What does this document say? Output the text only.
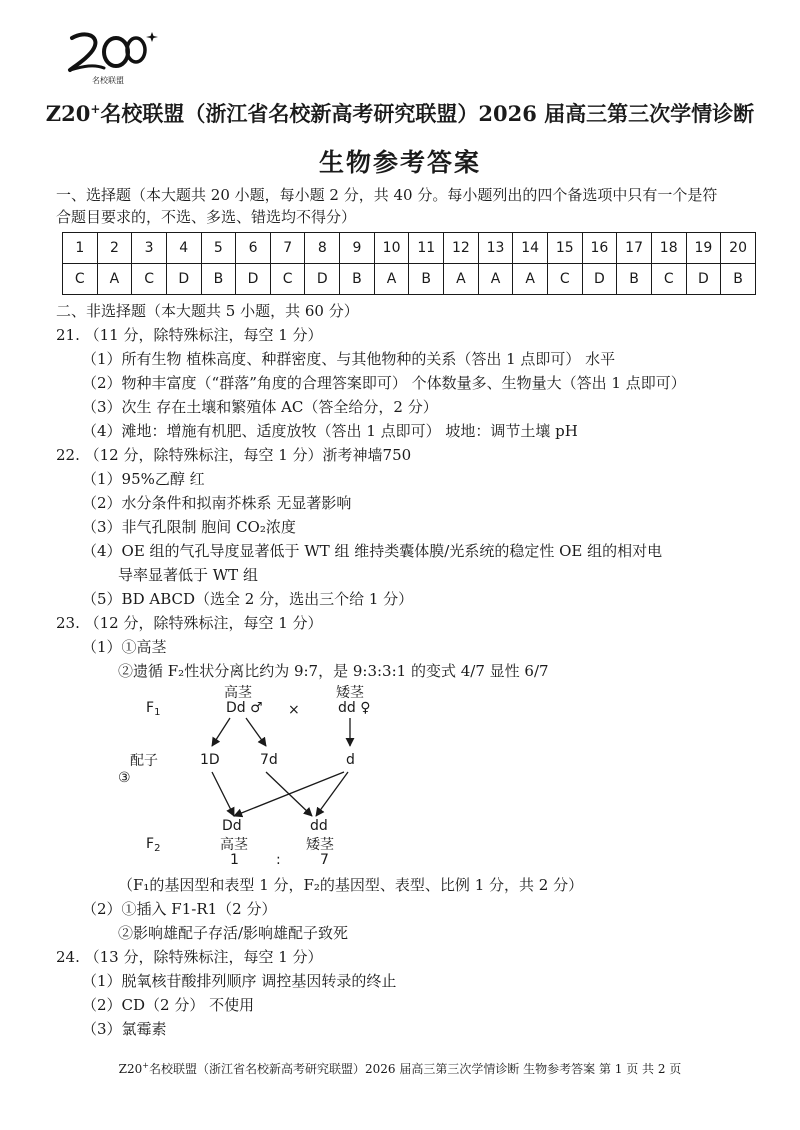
名校联盟
Z20+名校联盟（浙江省名校新高考研究联盟）2026 届高三第三次学情诊断
生物参考答案
一、选择题（本大题共 20 小题，每小题 2 分，共 40 分。每小题列出的四个备选项中只有一个是符
合题目要求的，不选、多选、错选均不得分）
1	2	3	4	5	6	7	8	9	10	11	12	13	14	15	16	17	18	19	20
C	A	C	D	B	D	C	D	B	A	B	A	A	A	C	D	B	C	D	B
二、非选择题（本大题共 5 小题，共 60 分）
21. （11 分，除特殊标注，每空 1 分）
（1）所有生物 植株高度、种群密度、与其他物种的关系（答出 1 点即可） 水平
（2）物种丰富度（“群落”角度的合理答案即可） 个体数量多、生物量大（答出 1 点即可）
（3）次生 存在土壤和繁殖体 AC（答全给分，2 分）
（4）滩地：增施有机肥、适度放牧（答出 1 点即可） 坡地：调节土壤 pH
22. （12 分，除特殊标注，每空 1 分）浙考神墙750
（1）95%乙醇 红
（2）水分条件和拟南芥株系 无显著影响
（3）非气孔限制 胞间 CO₂浓度
（4）OE 组的气孔导度显著低于 WT 组 维持类囊体膜/光系统的稳定性 OE 组的相对电
导率显著低于 WT 组
（5）BD ABCD（选全 2 分，选出三个给 1 分）
23. （12 分，除特殊标注，每空 1 分）
（1）①高茎
②遗循 F₂性状分离比约为 9:7，是 9:3:3:1 的变式 4/7 显性 6/7
$F_1$
高茎
Dd ♂ ×
矮茎
dd ♀
配子
③
1D	7d	d
$F_2$
Dd
高茎
dd
矮茎
1	:	7
（F₁的基因型和表型 1 分，F₂的基因型、表型、比例 1 分，共 2 分）
（2）①插入 F1-R1（2 分）
②影响雄配子存活/影响雄配子致死
24. （13 分，除特殊标注，每空 1 分）
（1）脱氧核苷酸排列顺序 调控基因转录的终止
（2）CD（2 分） 不使用
（3）氯霉素
Z20+名校联盟（浙江省名校新高考研究联盟）2026 届高三第三次学情诊断 生物参考答案 第 1 页 共 2 页
